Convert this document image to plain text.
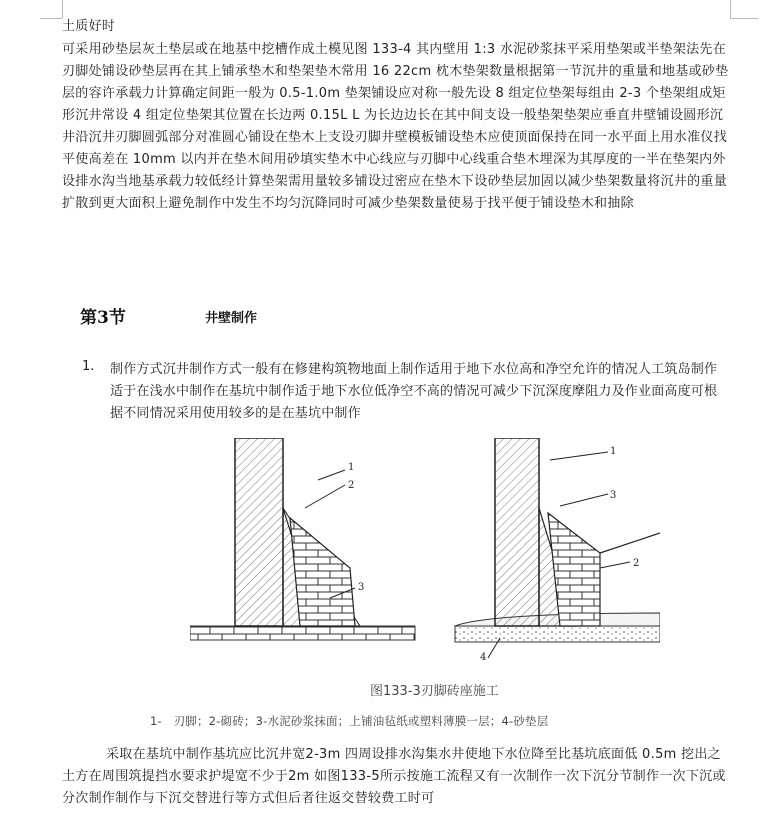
土质好时
可采用砂垫层灰土垫层或在地基中挖槽作成土模见图 133-4 其内壁用 1:3 水泥砂浆抹平采用垫架或半垫架法先在刃脚处铺设砂垫层再在其上铺承垫木和垫架垫木常用 16 22cm 枕木垫架数量根据第一节沉井的重量和地基或砂垫层的容许承载力计算确定间距一般为 0.5-1.0m 垫架铺设应对称一般先设 8 组定位垫架每组由 2-3 个垫架组成矩形沉井常设 4 组定位垫架其位置在长边两 0.15L L 为长边边长在其中间支设一般垫架垫架应垂直井壁铺设圆形沉井沿沉井刃脚圆弧部分对准圆心铺设在垫木上支设刃脚井壁模板铺设垫木应使顶面保持在同一水平面上用水准仪找平使高差在 10mm 以内并在垫木间用砂填实垫木中心线应与刃脚中心线重合垫木埋深为其厚度的一半在垫架内外设排水沟当地基承载力较低经计算垫架需用量较多铺设过密应在垫木下设砂垫层加固以减少垫架数量将沉井的重量扩散到更大面积上避免制作中发生不均匀沉降同时可减少垫架数量使易于找平便于铺设垫木和抽除
第3节	井壁制作
1. 制作方式沉井制作方式一般有在修建构筑物地面上制作适用于地下水位高和净空允许的情况人工筑岛制作适于在浅水中制作在基坑中制作适于地下水位低净空不高的情况可减少下沉深度摩阻力及作业面高度可根据不同情况采用使用较多的是在基坑中制作
1
2
3
1
3
2
4
图133-3刃脚砖座施工
1-　刃脚；2-砌砖；3-水泥砂浆抹面；上铺油毡纸或塑料薄膜一层；4-砂垫层
采取在基坑中制作基坑应比沉井宽2-3m 四周设排水沟集水井使地下水位降至比基坑底面低 0.5m 挖出之土方在周围筑提挡水要求护堤宽不少于2m 如图133-5所示按施工流程又有一次制作一次下沉分节制作一次下沉或分次制作制作与下沉交替进行等方式但后者往返交替较费工时可
